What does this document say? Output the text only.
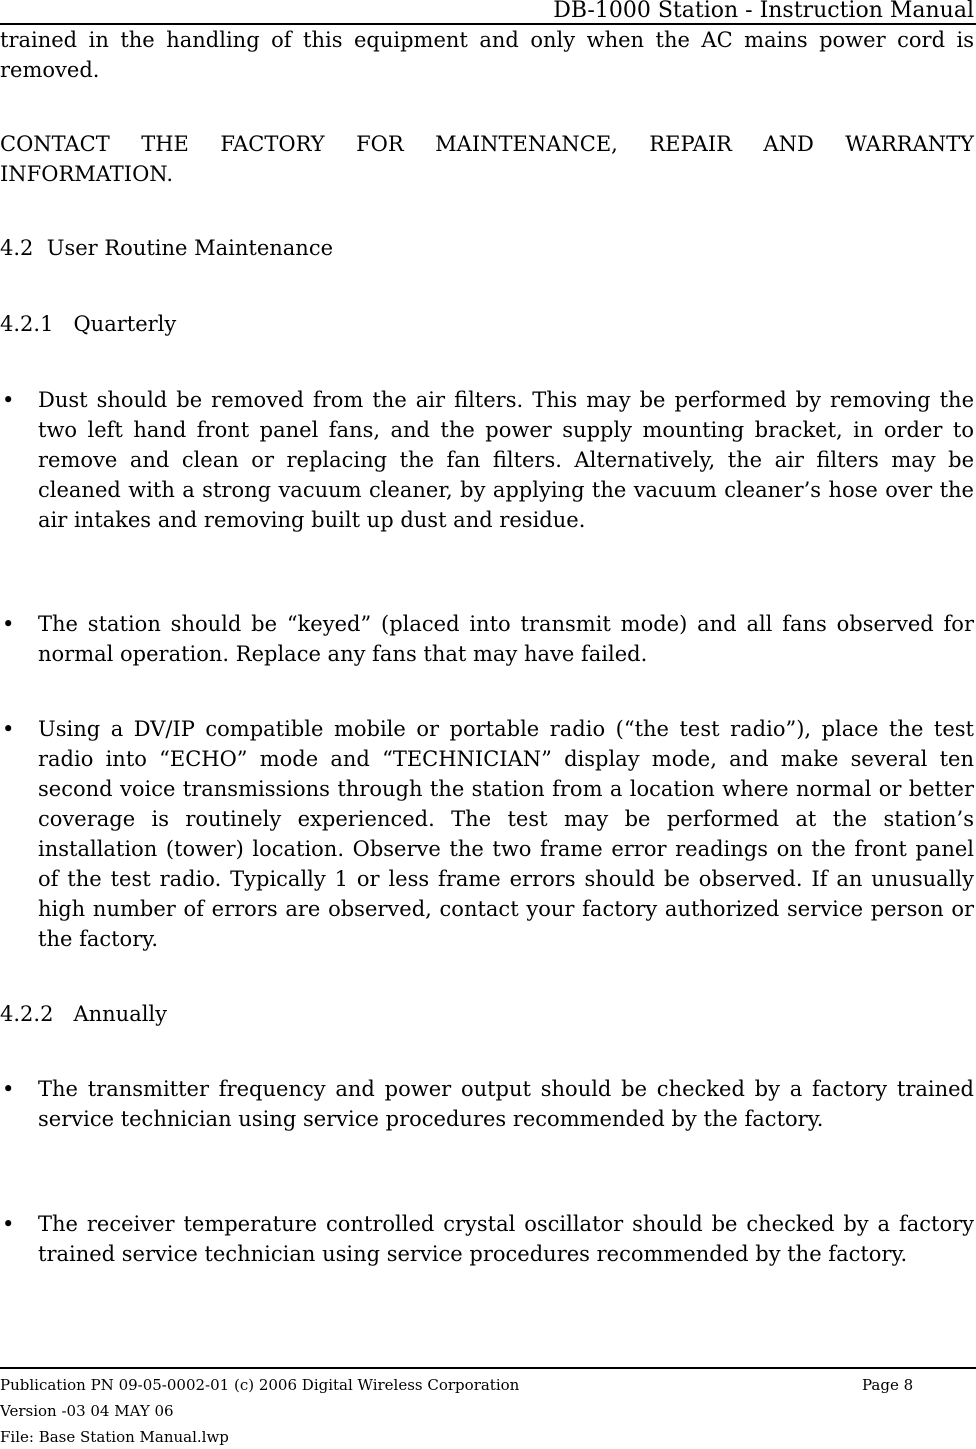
DB-1000 Station - Instruction Manual

trained in the handling of this equipment and only when the AC mains power cord is removed.

CONTACT THE FACTORY FOR MAINTENANCE, REPAIR AND WARRANTY INFORMATION.

4.2  User Routine Maintenance

4.2.1   Quarterly

•	Dust should be removed from the air filters. This may be performed by removing the two left hand front panel fans, and the power supply mounting bracket, in order to remove and clean or replacing the fan filters. Alternatively, the air filters may be cleaned with a strong vacuum cleaner, by applying the vacuum cleaner’s hose over the air intakes and removing built up dust and residue.
•	The station should be “keyed” (placed into transmit mode) and all fans observed for normal operation. Replace any fans that may have failed.
•	Using a DV/IP compatible mobile or portable radio (“the test radio”), place the test radio into “ECHO” mode and “TECHNICIAN” display mode, and make several ten second voice transmissions through the station from a location where normal or better coverage is routinely experienced. The test may be performed at the station’s installation (tower) location. Observe the two frame error readings on the front panel of the test radio. Typically 1 or less frame errors should be observed. If an unusually high number of errors are observed, contact your factory authorized service person or the factory.

4.2.2   Annually

•	The transmitter frequency and power output should be checked by a factory trained service technician using service procedures recommended by the factory.
•	The receiver temperature controlled crystal oscillator should be checked by a factory trained service technician using service procedures recommended by the factory.
Publication PN 09-05-0002-01 (c) 2006 Digital Wireless Corporation	Page 8
Version -03 04 MAY 06
File: Base Station Manual.lwp
